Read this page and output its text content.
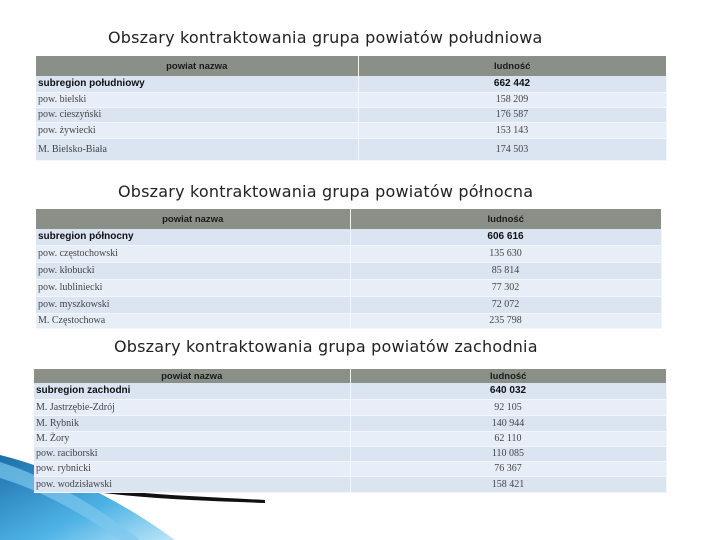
Obszary kontraktowania grupa powiatów południowa
powiat nazwa	ludność
subregion południowy	662 442
pow. bielski	158 209
pow. cieszyński	176 587
pow. żywiecki	153 143
M. Bielsko-Biała	174 503
Obszary kontraktowania grupa powiatów północna
powiat nazwa	ludność
subregion północny	606 616
pow. częstochowski	135 630
pow. kłobucki	85 814
pow. lubliniecki	77 302
pow. myszkowski	72 072
M. Częstochowa	235 798
Obszary kontraktowania grupa powiatów zachodnia
powiat nazwa	ludność
subregion zachodni	640 032
M. Jastrzębie-Zdrój	92 105
M. Rybnik	140 944
M. Żory	62 110
pow. raciborski	110 085
pow. rybnicki	76 367
pow. wodzisławski	158 421
